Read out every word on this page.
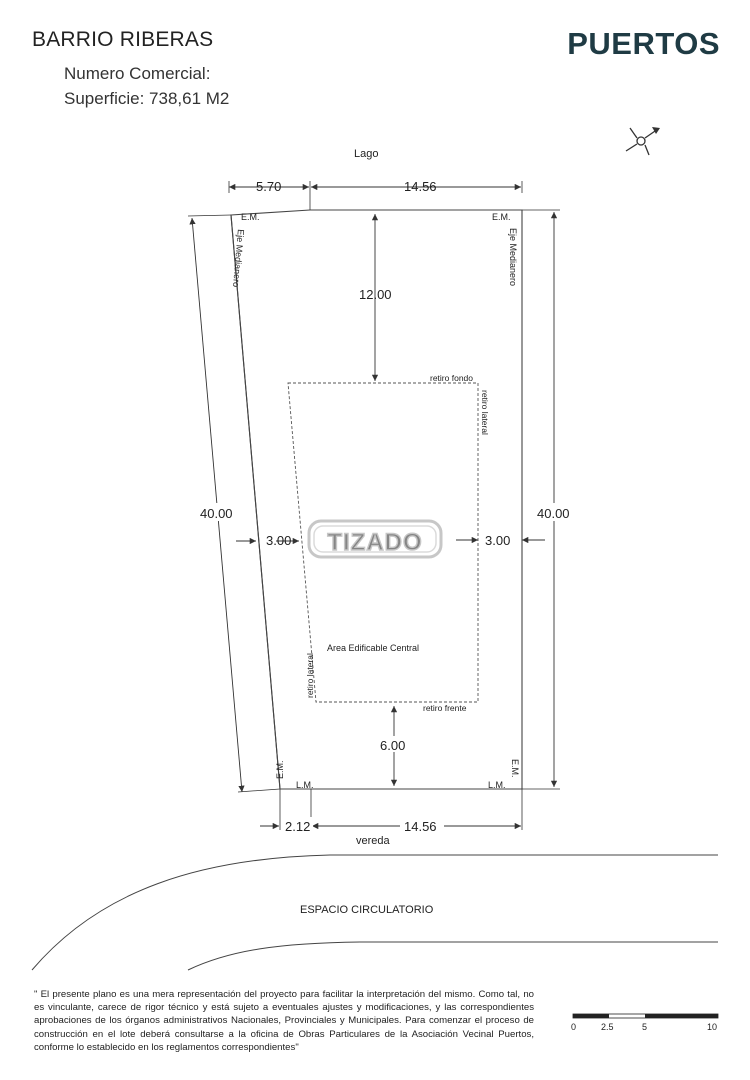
BARRIO RIBERAS
Numero Comercial:
Superficie: 738,61 M2
PUERTOS
Lago
5.70	14.56
E.M.	E.M.
Eje Medianero	Eje Medianero
12.00
retiro fondo
retiro lateral
retiro lateral
Area Edificable Central
retiro frente
40.00	40.00
3.00	3.00
TIZADO
6.00
E.M.	E.M.
L.M.	L.M.
2.12	14.56
vereda
ESPACIO CIRCULATORIO
0	2.5	5	10
" El presente plano es una mera representación del proyecto para facilitar la interpretación del mismo. Como tal, no es vinculante, carece de rigor técnico y está sujeto a eventuales ajustes y modificaciones, y las correspondientes aprobaciones de los órganos administrativos Nacionales, Provinciales y Municipales. Para comenzar el proceso de construcción en el lote deberá consultarse a la oficina de Obras Particulares de la Asociación Vecinal Puertos, conforme lo establecido en los reglamentos correspondientes"
